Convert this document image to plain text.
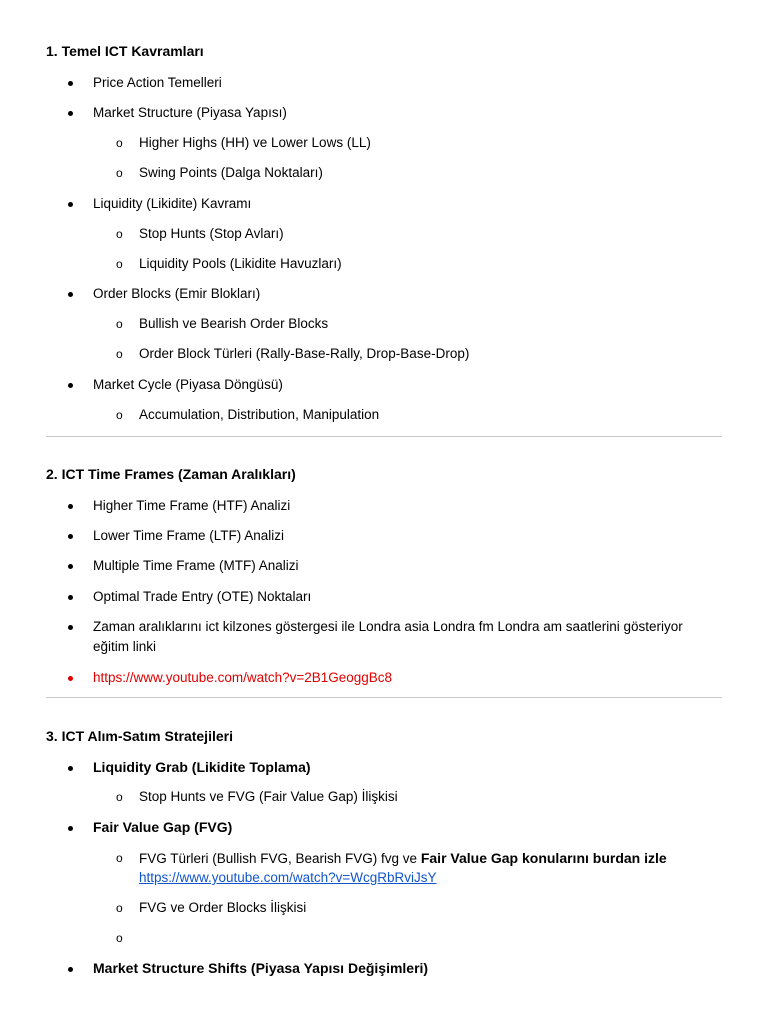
1. Temel ICT Kavramları
Price Action Temelleri
Market Structure (Piyasa Yapısı)
o Higher Highs (HH) ve Lower Lows (LL)
o Swing Points (Dalga Noktaları)
Liquidity (Likidite) Kavramı
o Stop Hunts (Stop Avları)
o Liquidity Pools (Likidite Havuzları)
Order Blocks (Emir Blokları)
o Bullish ve Bearish Order Blocks
o Order Block Türleri (Rally-Base-Rally, Drop-Base-Drop)
Market Cycle (Piyasa Döngüsü)
o Accumulation, Distribution, Manipulation
2. ICT Time Frames (Zaman Aralıkları)
Higher Time Frame (HTF) Analizi
Lower Time Frame (LTF) Analizi
Multiple Time Frame (MTF) Analizi
Optimal Trade Entry (OTE) Noktaları
Zaman aralıklarını ict kilzones göstergesi ile Londra asia Londra fm Londra am saatlerini gösteriyor
eğitim linki
https://www.youtube.com/watch?v=2B1GeoggBc8
3. ICT Alım-Satım Stratejileri
Liquidity Grab (Likidite Toplama)
o Stop Hunts ve FVG (Fair Value Gap) İlişkisi
Fair Value Gap (FVG)
o FVG Türleri (Bullish FVG, Bearish FVG) fvg ve Fair Value Gap konularını burdan izle
https://www.youtube.com/watch?v=WcgRbRviJsY
o FVG ve Order Blocks İlişkisi
o
Market Structure Shifts (Piyasa Yapısı Değişimleri)
